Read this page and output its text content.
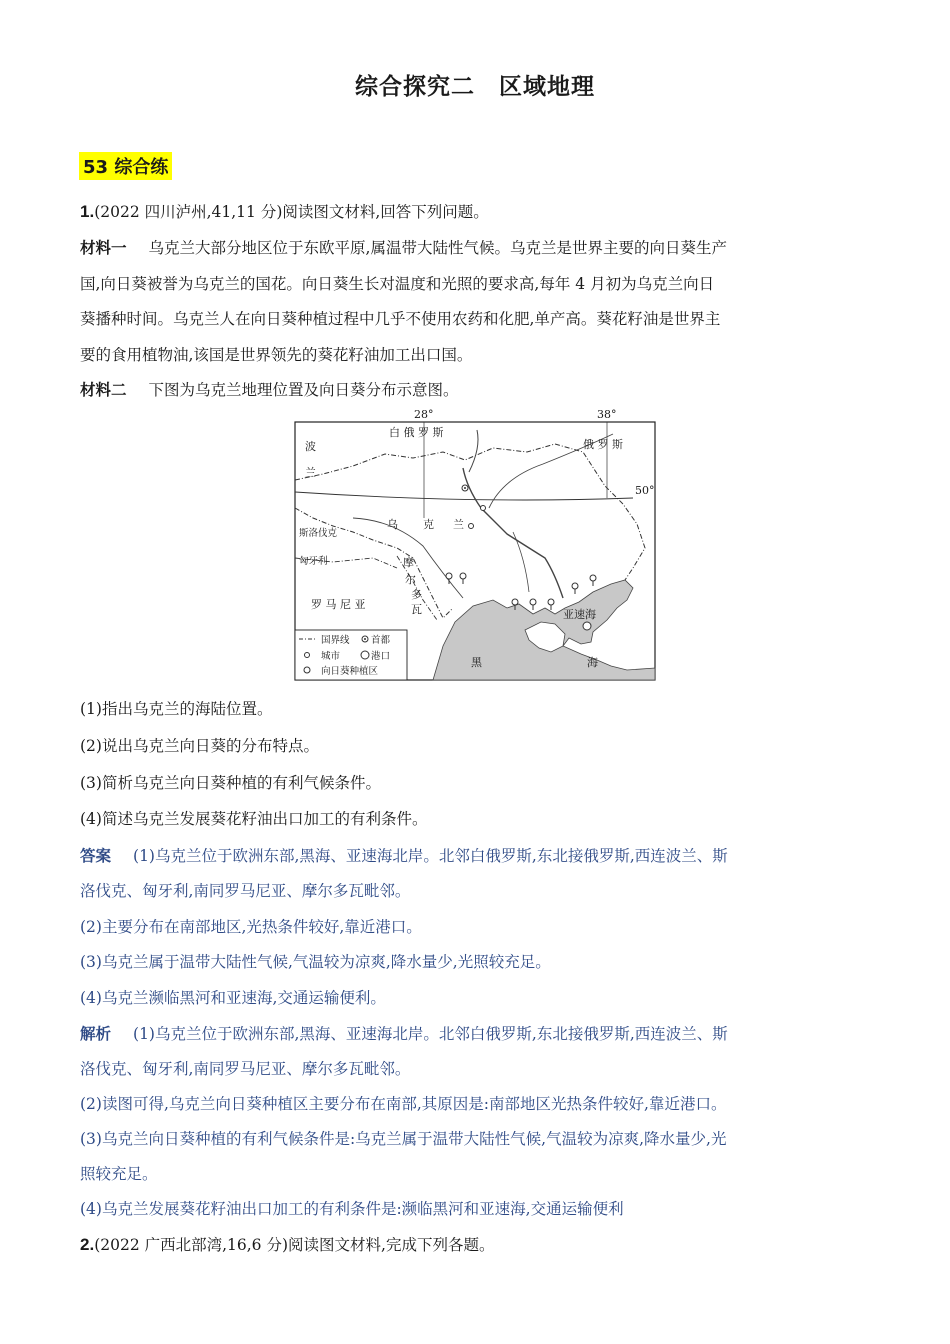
综合探究二　区域地理
53 综合练
1.(2022 四川泸州,41,11 分)阅读图文材料,回答下列问题。
材料一 乌克兰大部分地区位于东欧平原,属温带大陆性气候。乌克兰是世界主要的向日葵生产
国,向日葵被誉为乌克兰的国花。向日葵生长对温度和光照的要求高,每年 4 月初为乌克兰向日
葵播种时间。乌克兰人在向日葵种植过程中几乎不使用农药和化肥,单产高。葵花籽油是世界主
要的食用植物油,该国是世界领先的葵花籽油加工出口国。
材料二 下图为乌克兰地理位置及向日葵分布示意图。
28°	38°
50°
白 俄 罗 斯
俄 罗 斯
波
兰
斯洛伐克
匈牙利
罗 马 尼 亚
乌 克 兰
摩
尔
多
瓦	亚速海
黑	海
国界线 首都
城市	港口
向日葵种植区
(1)指出乌克兰的海陆位置。
(2)说出乌克兰向日葵的分布特点。
(3)简析乌克兰向日葵种植的有利气候条件。
(4)简述乌克兰发展葵花籽油出口加工的有利条件。
答案 (1)乌克兰位于欧洲东部,黑海、亚速海北岸。北邻白俄罗斯,东北接俄罗斯,西连波兰、斯
洛伐克、匈牙利,南同罗马尼亚、摩尔多瓦毗邻。
(2)主要分布在南部地区,光热条件较好,靠近港口。
(3)乌克兰属于温带大陆性气候,气温较为凉爽,降水量少,光照较充足。
(4)乌克兰濒临黑河和亚速海,交通运输便利。
解析 (1)乌克兰位于欧洲东部,黑海、亚速海北岸。北邻白俄罗斯,东北接俄罗斯,西连波兰、斯
洛伐克、匈牙利,南同罗马尼亚、摩尔多瓦毗邻。
(2)读图可得,乌克兰向日葵种植区主要分布在南部,其原因是:南部地区光热条件较好,靠近港口。
(3)乌克兰向日葵种植的有利气候条件是:乌克兰属于温带大陆性气候,气温较为凉爽,降水量少,光
照较充足。
(4)乌克兰发展葵花籽油出口加工的有利条件是:濒临黑河和亚速海,交通运输便利
2.(2022 广西北部湾,16,6 分)阅读图文材料,完成下列各题。
